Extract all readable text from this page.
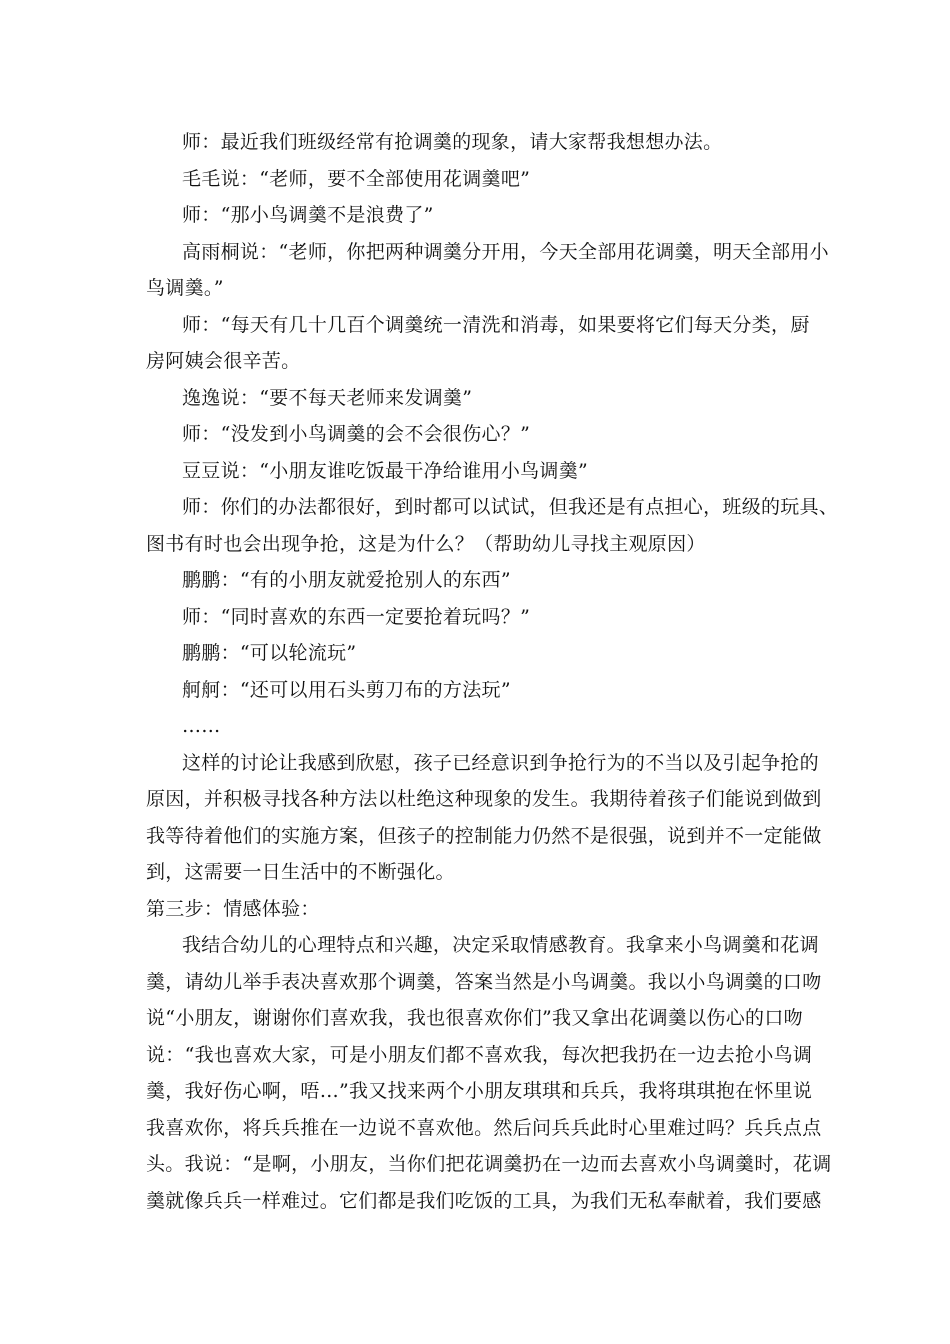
师：最近我们班级经常有抢调羹的现象，请大家帮我想想办法。
毛毛说：“老师，要不全部使用花调羹吧”
师：“那小鸟调羹不是浪费了”
高雨桐说：“老师，你把两种调羹分开用，今天全部用花调羹，明天全部用小
鸟调羹。”
师：“每天有几十几百个调羹统一清洗和消毒，如果要将它们每天分类，厨
房阿姨会很辛苦。
逸逸说：“要不每天老师来发调羹”
师：“没发到小鸟调羹的会不会很伤心？”
豆豆说：“小朋友谁吃饭最干净给谁用小鸟调羹”
师：你们的办法都很好，到时都可以试试，但我还是有点担心，班级的玩具、
图书有时也会出现争抢，这是为什么？（帮助幼儿寻找主观原因）
鹏鹏：“有的小朋友就爱抢别人的东西”
师：“同时喜欢的东西一定要抢着玩吗？”
鹏鹏：“可以轮流玩”
舸舸：“还可以用石头剪刀布的方法玩”
……
这样的讨论让我感到欣慰，孩子已经意识到争抢行为的不当以及引起争抢的
原因，并积极寻找各种方法以杜绝这种现象的发生。我期待着孩子们能说到做到
我等待着他们的实施方案，但孩子的控制能力仍然不是很强，说到并不一定能做
到，这需要一日生活中的不断强化。
第三步：情感体验：
我结合幼儿的心理特点和兴趣，决定采取情感教育。我拿来小鸟调羹和花调
羹，请幼儿举手表决喜欢那个调羹，答案当然是小鸟调羹。我以小鸟调羹的口吻
说“小朋友，谢谢你们喜欢我，我也很喜欢你们”我又拿出花调羹以伤心的口吻
说：“我也喜欢大家，可是小朋友们都不喜欢我，每次把我扔在一边去抢小鸟调
羹，我好伤心啊，唔…”我又找来两个小朋友琪琪和兵兵，我将琪琪抱在怀里说
我喜欢你，将兵兵推在一边说不喜欢他。然后问兵兵此时心里难过吗？兵兵点点
头。我说：“是啊，小朋友，当你们把花调羹扔在一边而去喜欢小鸟调羹时，花调
羹就像兵兵一样难过。它们都是我们吃饭的工具，为我们无私奉献着，我们要感
